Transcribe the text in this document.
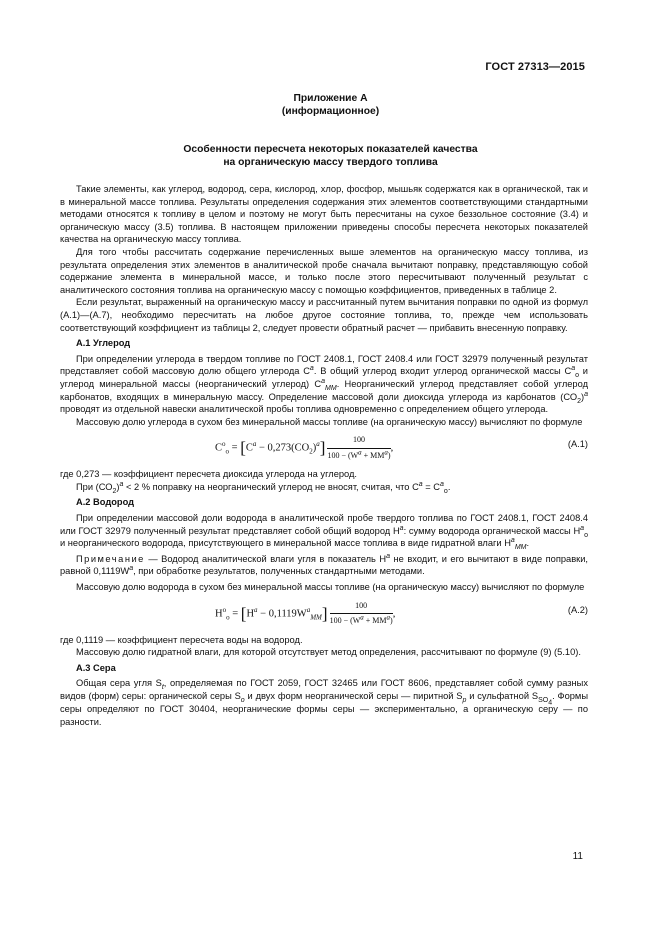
ГОСТ 27313—2015
Приложение А
(информационное)
Особенности пересчета некоторых показателей качества
на органическую массу твердого топлива

Такие элементы, как углерод, водород, сера, кислород, хлор, фосфор, мышьяк содержатся как в органической, так и в минеральной массе топлива. Результаты определения содержания этих элементов соответствующими стандартными методами относятся к топливу в целом и поэтому не могут быть пересчитаны на сухое беззольное состояние (3.4) и органическую массу (3.5) топлива. В настоящем приложении приведены способы пересчета некоторых показателей качества на органическую массу топлива.

Для того чтобы рассчитать содержание перечисленных выше элементов на органическую массу топлива, из результата определения этих элементов в аналитической пробе сначала вычитают поправку, представляющую собой содержание элемента в минеральной массе, и только после этого пересчитывают полученный результат с аналитического состояния топлива на органическую массу с помощью коэффициентов, приведенных в таблице 2.

Если результат, выраженный на органическую массу и рассчитанный путем вычитания поправки по одной из формул (А.1)—(А.7), необходимо пересчитать на любое другое состояние топлива, то, прежде чем использовать соответствующий коэффициент из таблицы 2, следует провести обратный расчет — прибавить внесенную поправку.

А.1 Углерод

При определении углерода в твердом топливе по ГОСТ 2408.1, ГОСТ 2408.4 или ГОСТ 32979 полученный результат представляет собой массовую долю общего углерода $С^a$. В общий углерод входит углерод органической массы $С^a_o$ и углерод минеральной массы (неорганический углерод) $С^a_{MM}$. Неорганический углерод представляет собой углерод карбонатов, входящих в минеральную массу. Определение массовой доли диоксида углерода из карбонатов $(СО_2)^a$ проводят из отдельной навески аналитической пробы топлива одновременно с определением общего углерода.

Массовую долю углерода в сухом без минеральной массы топливе (на органическую массу) вычисляют по формуле

$С^o_o = [С^a - 0,273(СО_2)^a] \frac{100}{100 - (W^a + MM^a)}$ ,	(А.1)

где 0,273 — коэффициент пересчета диоксида углерода на углерод.

При $(СО_2)^a < 2$ % поправку на неорганический углерод не вносят, считая, что $С^a = С^a_o$.

А.2 Водород

При определении массовой доли водорода в аналитической пробе твердого топлива по ГОСТ 2408.1, ГОСТ 2408.4 или ГОСТ 32979 полученный результат представляет собой общий водород $Н^a$: сумму водорода органической массы $Н^a_o$ и неорганического водорода, присутствующего в минеральной массе топлива в виде гидратной влаги $Н^a_{MM}$.

Примечание — Водород аналитической влаги угля в показатель $Н^a$ не входит, и его вычитают в виде поправки, равной $0,1119W^a$, при обработке результатов, полученных стандартными методами.

Массовую долю водорода в сухом без минеральной массы топливе (на органическую массу) вычисляют по формуле

$Н^o_o = [Н^a - 0,1119W^a_{MM}] \frac{100}{100 - (W^a + MM^a)}$ ,	(А.2)

где 0,1119 — коэффициент пересчета воды на водород.

Массовую долю гидратной влаги, для которой отсутствует метод определения, рассчитывают по формуле (9) (5.10).

А.3 Сера

Общая сера угля $S_t$, определяемая по ГОСТ 2059, ГОСТ 32465 или ГОСТ 8606, представляет собой сумму разных видов (форм) серы: органической серы $S_o$ и двух форм неорганической серы — пиритной $S_p$ и сульфатной $S_{SO_4}$. Формы серы определяют по ГОСТ 30404, неорганические формы серы — экспериментально, а органическую серу — по разности.

11
